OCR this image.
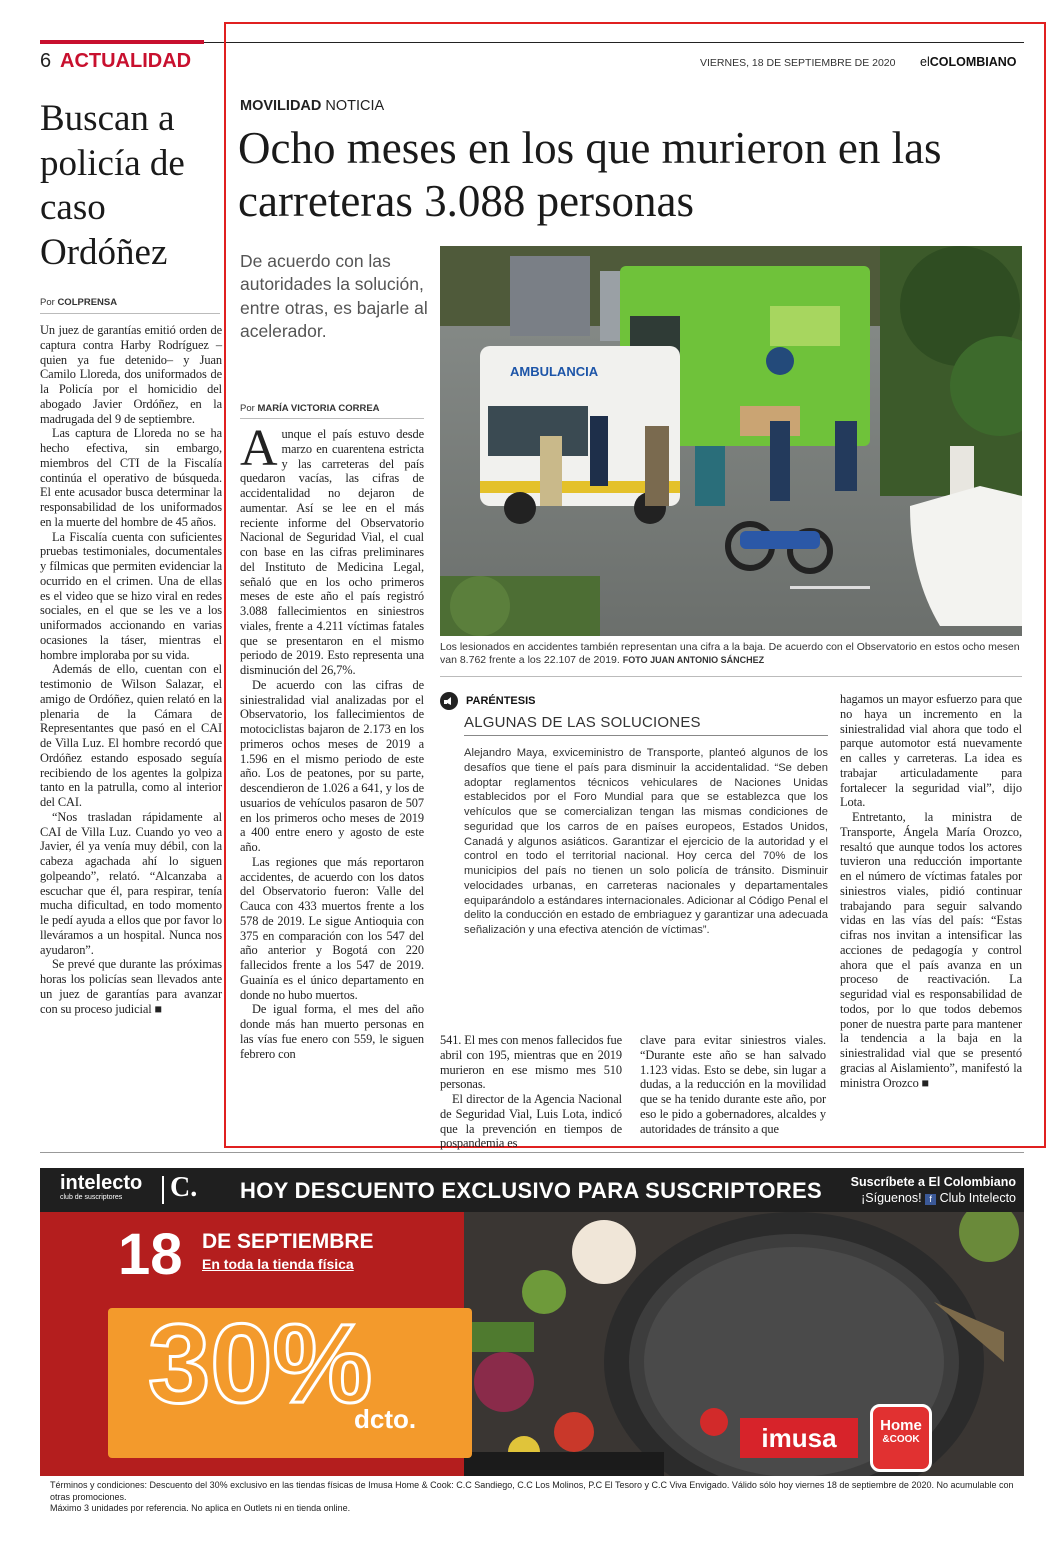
6 ACTUALIDAD	VIERNES, 18 DE SEPTIEMBRE DE 2020 elCOLOMBIANO
Buscan a policía de caso Ordóñez
Por COLPRENSA

Un juez de garantías emitió orden de captura contra Harby Rodríguez –quien ya fue detenido– y Juan Camilo Lloreda, dos uniformados de la Policía por el homicidio del abogado Javier Ordóñez, en la madrugada del 9 de septiembre.

Las captura de Lloreda no se ha hecho efectiva, sin embargo, miembros del CTI de la Fiscalía continúa el operativo de búsqueda. El ente acusador busca determinar la responsabilidad de los uniformados en la muerte del hombre de 45 años.

La Fiscalía cuenta con suficientes pruebas testimoniales, documentales y fílmicas que permiten evidenciar la ocurrido en el crimen. Una de ellas es el video que se hizo viral en redes sociales, en el que se les ve a los uniformados accionando en varias ocasiones la táser, mientras el hombre imploraba por su vida.

Además de ello, cuentan con el testimonio de Wilson Salazar, el amigo de Ordóñez, quien relató en la plenaria de la Cámara de Representantes que pasó en el CAI de Villa Luz. El hombre recordó que Ordóñez estando esposado seguía recibiendo de los agentes la golpiza tanto en la patrulla, como al interior del CAI.

“Nos trasladan rápidamente al CAI de Villa Luz. Cuando yo veo a Javier, él ya venía muy débil, con la cabeza agachada ahí lo siguen golpeando”, relató. “Alcanzaba a escuchar que él, para respirar, tenía mucha dificultad, en todo momento le pedí ayuda a ellos que por favor lo lleváramos a un hospital. Nunca nos ayudaron”.

Se prevé que durante las próximas horas los policías sean llevados ante un juez de garantías para avanzar con su proceso judicial ■

MOVILIDAD NOTICIA
Ocho meses en los que murieron en las carreteras 3.088 personas
De acuerdo con las autoridades la solución, entre otras, es bajarle al acelerador.
Por MARÍA VICTORIA CORREA
AMBULANCIA
Los lesionados en accidentes también representan una cifra a la baja. De acuerdo con el Observatorio en estos ocho mesen van 8.762 frente a los 22.107 de 2019. FOTO JUAN ANTONIO SÁNCHEZ

Aunque el país estuvo desde marzo en cuarentena estricta y las carreteras del país quedaron vacías, las cifras de accidentalidad no dejaron de aumentar. Así se lee en el más reciente informe del Observatorio Nacional de Seguridad Vial, el cual con base en las cifras preliminares del Instituto de Medicina Legal, señaló que en los ocho primeros meses de este año el país registró 3.088 fallecimientos en siniestros viales, frente a 4.211 víctimas fatales que se presentaron en el mismo periodo de 2019. Esto representa una disminución del 26,7%.

De acuerdo con las cifras de siniestralidad vial analizadas por el Observatorio, los fallecimientos de motociclistas bajaron de 2.173 en los primeros ochos meses de 2019 a 1.596 en el mismo periodo de este año. Los de peatones, por su parte, descendieron de 1.026 a 641, y los de usuarios de vehículos pasaron de 507 en los primeros ocho meses de 2019 a 400 entre enero y agosto de este año.

Las regiones que más reportaron accidentes, de acuerdo con los datos del Observatorio fueron: Valle del Cauca con 433 muertos frente a los 578 de 2019. Le sigue Antioquia con 375 en comparación con los 547 del año anterior y Bogotá con 220 fallecidos frente a los 547 de 2019. Guainía es el único departamento en donde no hubo muertos.

De igual forma, el mes del año donde más han muerto personas en las vías fue enero con 559, le siguen febrero con

PARÉNTESIS
ALGUNAS DE LAS SOLUCIONES
Alejandro Maya, exviceministro de Transporte, planteó algunos de los desafíos que tiene el país para disminuir la accidentalidad. “Se deben adoptar reglamentos técnicos vehiculares de Naciones Unidas establecidos por el Foro Mundial para que se establezca que los vehículos que se comercializan tengan las mismas condiciones de seguridad que los carros de en países europeos, Estados Unidos, Canadá y algunos asiáticos. Garantizar el ejercicio de la autoridad y el control en todo el territorial nacional. Hoy cerca del 70% de los municipios del país no tienen un solo policía de tránsito. Disminuir velocidades urbanas, en carreteras nacionales y departamentales equiparándolo a estándares internacionales. Adicionar al Código Penal el delito la conducción en estado de embriaguez y garantizar una adecuada señalización y una efectiva atención de víctimas”.

541. El mes con menos fallecidos fue abril con 195, mientras que en 2019 murieron en ese mismo mes 510 personas.

El director de la Agencia Nacional de Seguridad Vial, Luis Lota, indicó que la prevención en tiempos de pospandemia es

clave para evitar siniestros viales. “Durante este año se han salvado 1.123 vidas. Esto se debe, sin lugar a dudas, a la reducción en la movilidad que se ha tenido durante este año, por eso le pido a gobernadores, alcaldes y autoridades de tránsito a que

hagamos un mayor esfuerzo para que no haya un incremento en la siniestralidad vial ahora que todo el parque automotor está nuevamente en calles y carreteras. La idea es trabajar articuladamente para fortalecer la seguridad vial”, dijo Lota.

Entretanto, la ministra de Transporte, Ángela María Orozco, resaltó que aunque todos los actores tuvieron una reducción importante en el número de víctimas fatales por siniestros viales, pidió continuar trabajando para seguir salvando vidas en las vías del país: “Estas cifras nos invitan a intensificar las acciones de pedagogía y control ahora que el país avanza en un proceso de reactivación. La seguridad vial es responsabilidad de todos, por lo que todos debemos poner de nuestra parte para mantener la tendencia a la baja en la siniestralidad vial que se presentó gracias al Aislamiento”, manifestó la ministra Orozco ■

intelecto
club de suscriptores	C. HOY DESCUENTO EXCLUSIVO PARA SUSCRIPTORES	Suscríbete a El Colombiano
¡Síguenos! f Club Intelecto
imusa	Home
&COOK
18 DE SEPTIEMBRE
En toda la tienda física
30%
dcto.
Términos y condiciones: Descuento del 30% exclusivo en las tiendas físicas de Imusa Home & Cook: C.C Sandiego, C.C Los Molinos, P.C El Tesoro y C.C Viva Envigado. Válido sólo hoy viernes 18 de septiembre de 2020. No acumulable con otras promociones.
Máximo 3 unidades por referencia. No aplica en Outlets ni en tienda online.
